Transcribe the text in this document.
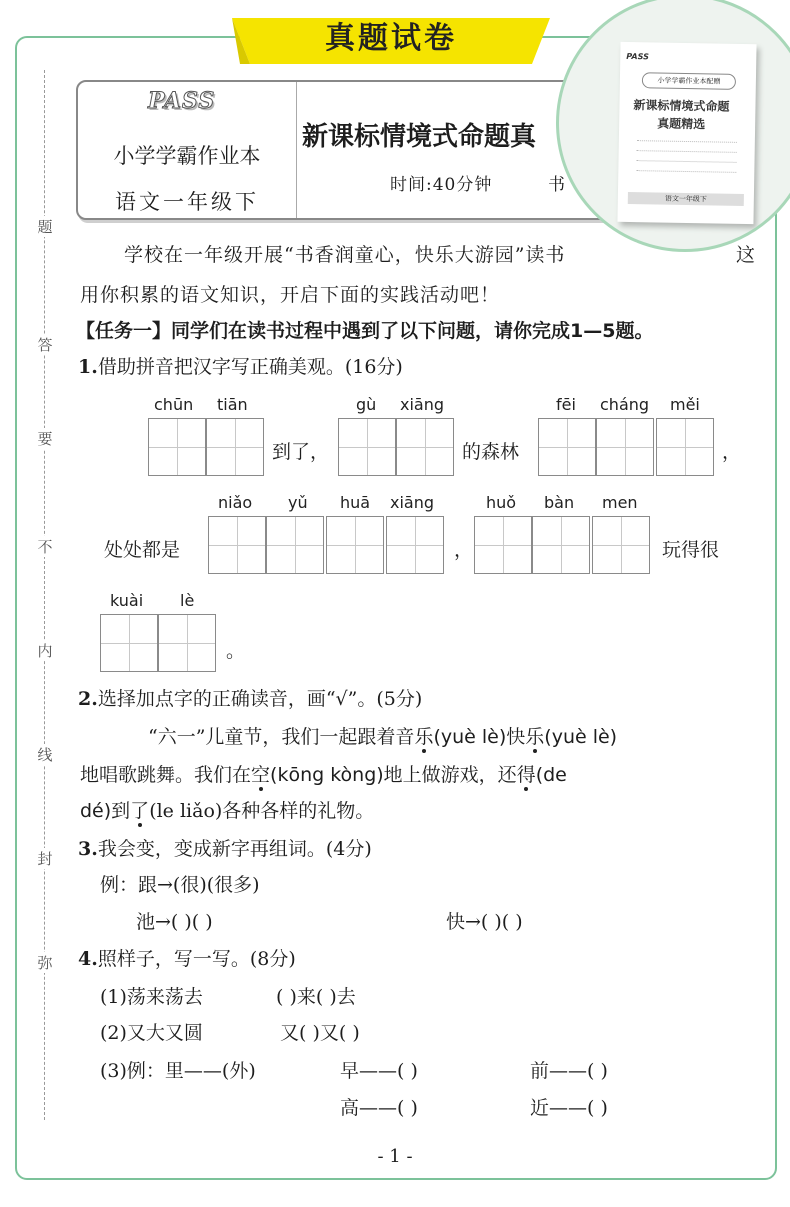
真题试卷
题
答
要
不
内
线
封
弥
PASS
小学学霸作业本
语文一年级下
新课标情境式命题真
时间:40分钟	书
PASS
小学学霸作业本配赠
新课标情境式命题
真题精选
语文一年级下
学校在一年级开展“书香润童心，快乐大游园”读书	这
用你积累的语文知识，开启下面的实践活动吧！
【任务一】同学们在读书过程中遇到了以下问题，请你完成1—5题。
1.借助拼音把汉字写正确美观。(16分)
chūn tiān	gù xiāng	fēi cháng měi
到了，	的森林	，
niǎo yǔ huā xiāng	huǒ bàn men
处处都是	，	玩得很
kuài lè
。
2.选择加点字的正确读音，画“√”。(5分)
“六一”儿童节，我们一起跟着音乐(yuè lè)快乐(yuè lè)
地唱歌跳舞。我们在空(kōng kòng)地上做游戏，还得(de
dé)到了(le liǎo)各种各样的礼物。
3.我会变，变成新字再组词。(4分)
例：跟→(很)(很多)
池→( )( )	快→( )( )
4.照样子，写一写。(8分)
(1)荡来荡去	( )来( )去
(2)又大又圆	又( )又( )
(3)例：里——(外)	早——( )	前——( )
高——( )	近——( )
- 1 -
